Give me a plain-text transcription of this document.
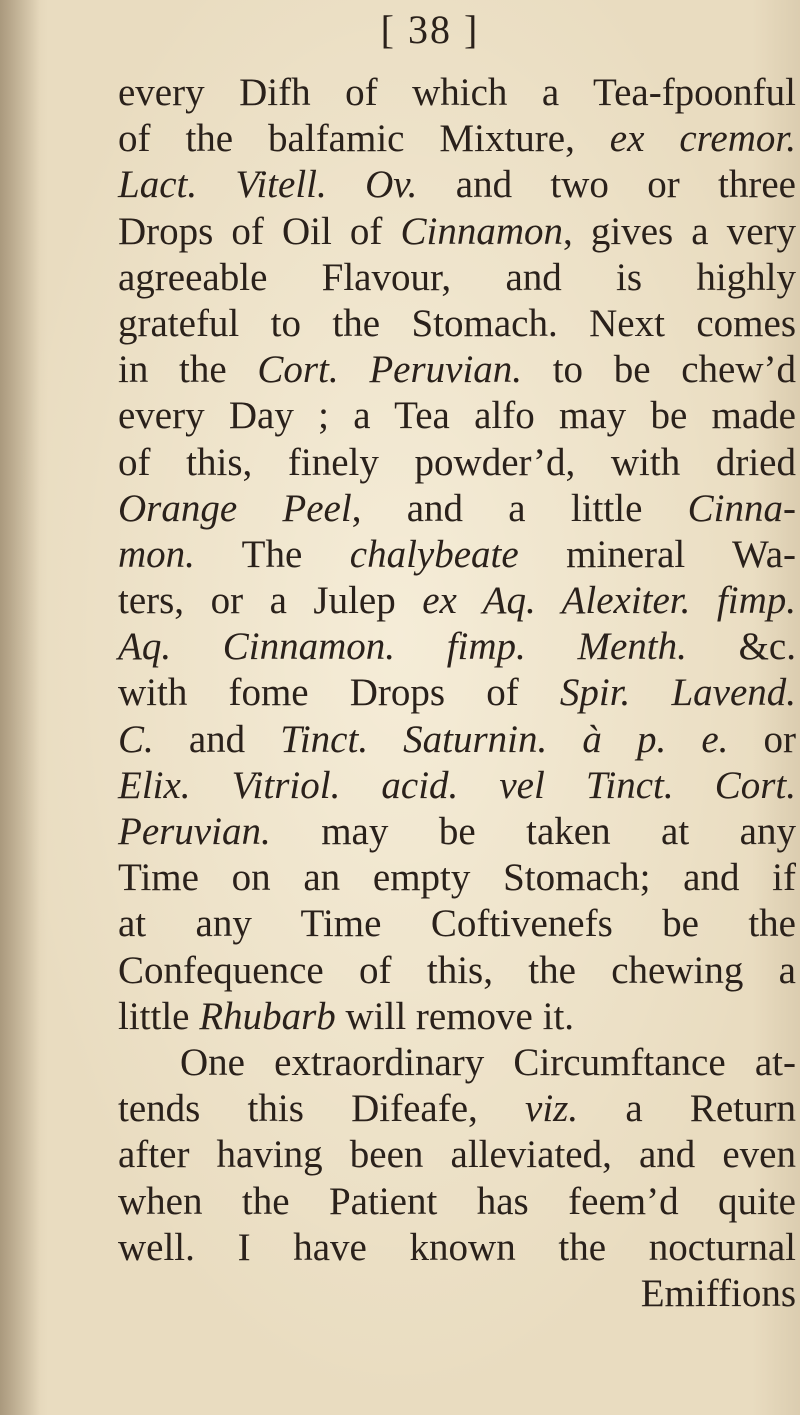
[ 38 ]
every Difh of which a Tea-fpoonful
of the balfamic Mixture, ex cremor.
Lact. Vitell. Ov. and two or three
Drops of Oil of Cinnamon, gives a very
agreeable Flavour, and is highly
grateful to the Stomach. Next comes
in the Cort. Peruvian. to be chew’d
every Day ; a Tea alfo may be made
of this, finely powder’d, with dried
Orange Peel, and a little Cinna-
mon. The chalybeate mineral Wa-
ters, or a Julep ex Aq. Alexiter. fimp.
Aq. Cinnamon. fimp. Menth. &c.
with fome Drops of Spir. Lavend.
C. and Tinct. Saturnin. à p. e. or
Elix. Vitriol. acid. vel Tinct. Cort.
Peruvian. may be taken at any
Time on an empty Stomach; and if
at any Time Coftivenefs be the
Confequence of this, the chewing a
little Rhubarb will remove it.
One extraordinary Circumftance at-
tends this Difeafe, viz. a Return
after having been alleviated, and even
when the Patient has feem’d quite
well. I have known the nocturnal
Emiffions
